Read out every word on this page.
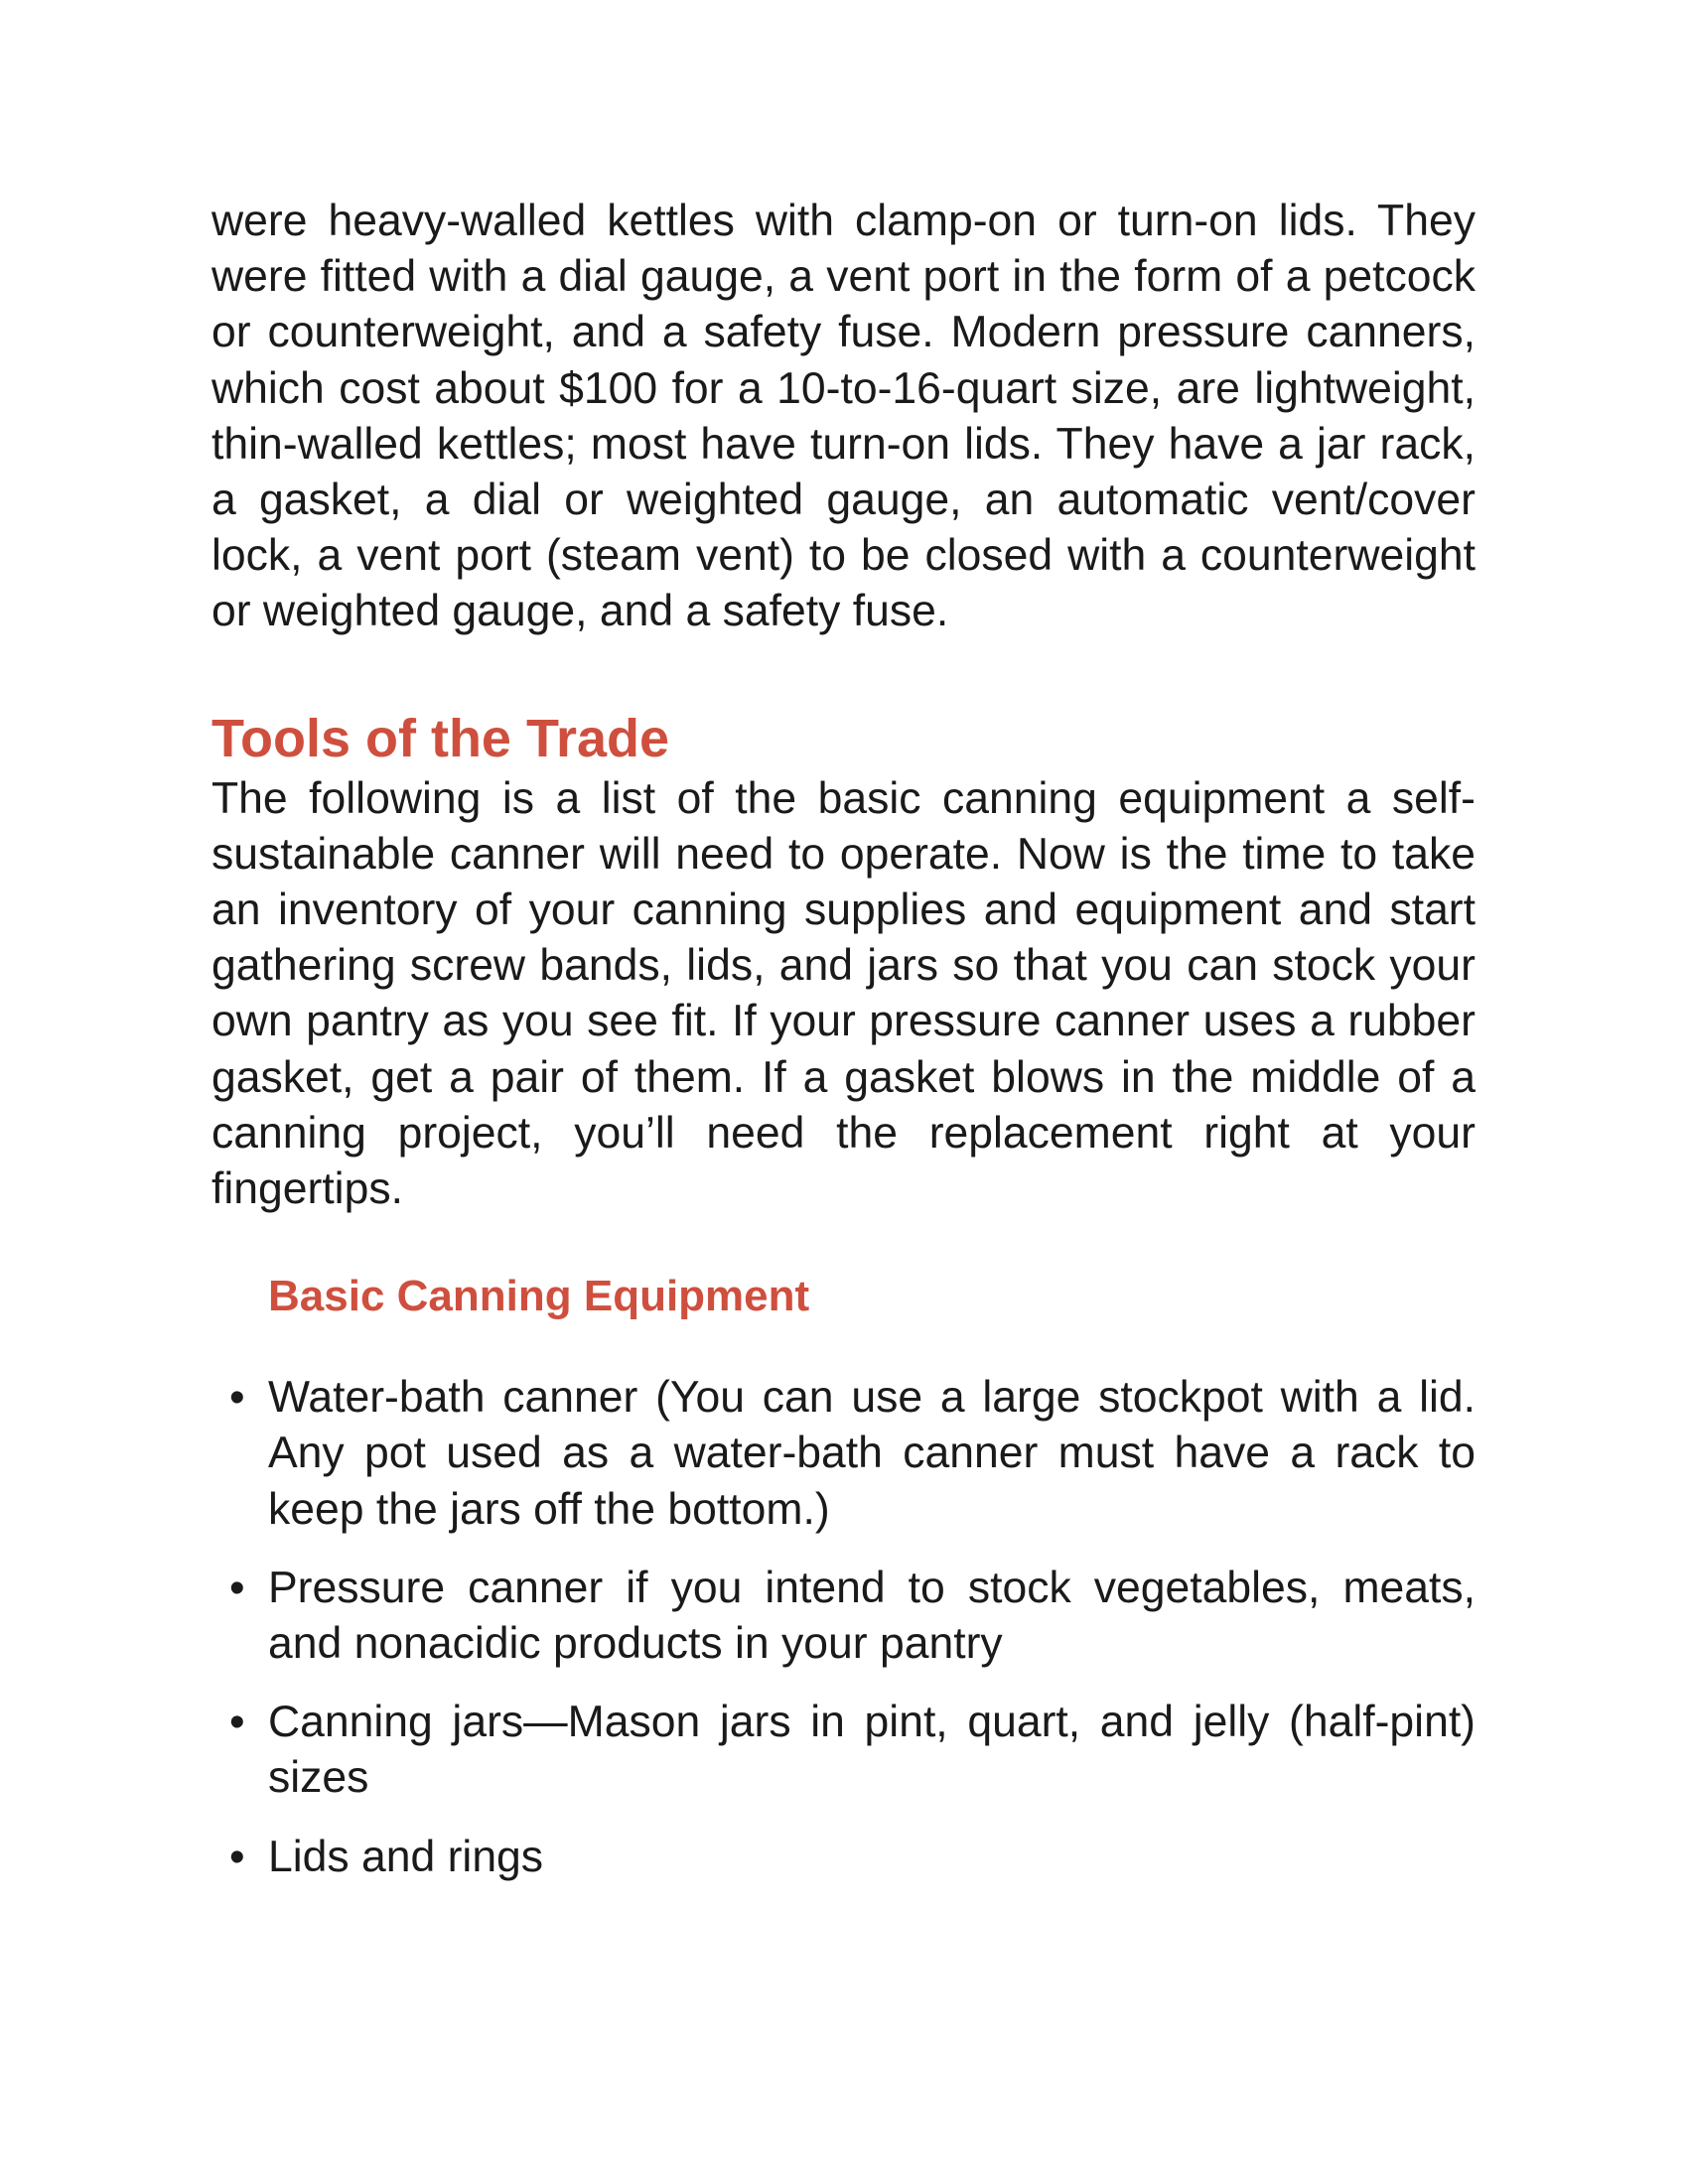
were heavy-walled kettles with clamp-on or turn-on lids. They were fitted with a dial gauge, a vent port in the form of a petcock or counterweight, and a safety fuse. Modern pressure canners, which cost about $100 for a 10-to-16-quart size, are lightweight, thin-walled kettles; most have turn-on lids. They have a jar rack, a gasket, a dial or weighted gauge, an automatic vent/cover lock, a vent port (steam vent) to be closed with a counterweight or weighted gauge, and a safety fuse.

Tools of the Trade

The following is a list of the basic canning equipment a self-sustainable canner will need to operate. Now is the time to take an inventory of your canning supplies and equipment and start gathering screw bands, lids, and jars so that you can stock your own pantry as you see fit. If your pressure canner uses a rubber gasket, get a pair of them. If a gasket blows in the middle of a canning project, you’ll need the replacement right at your fingertips.

Basic Canning Equipment
• Water-bath canner (You can use a large stockpot with a lid. Any pot used as a water-bath canner must have a rack to keep the jars off the bottom.)
• Pressure canner if you intend to stock vegetables, meats, and nonacidic products in your pantry
• Canning jars—Mason jars in pint, quart, and jelly (half-pint) sizes
• Lids and rings
